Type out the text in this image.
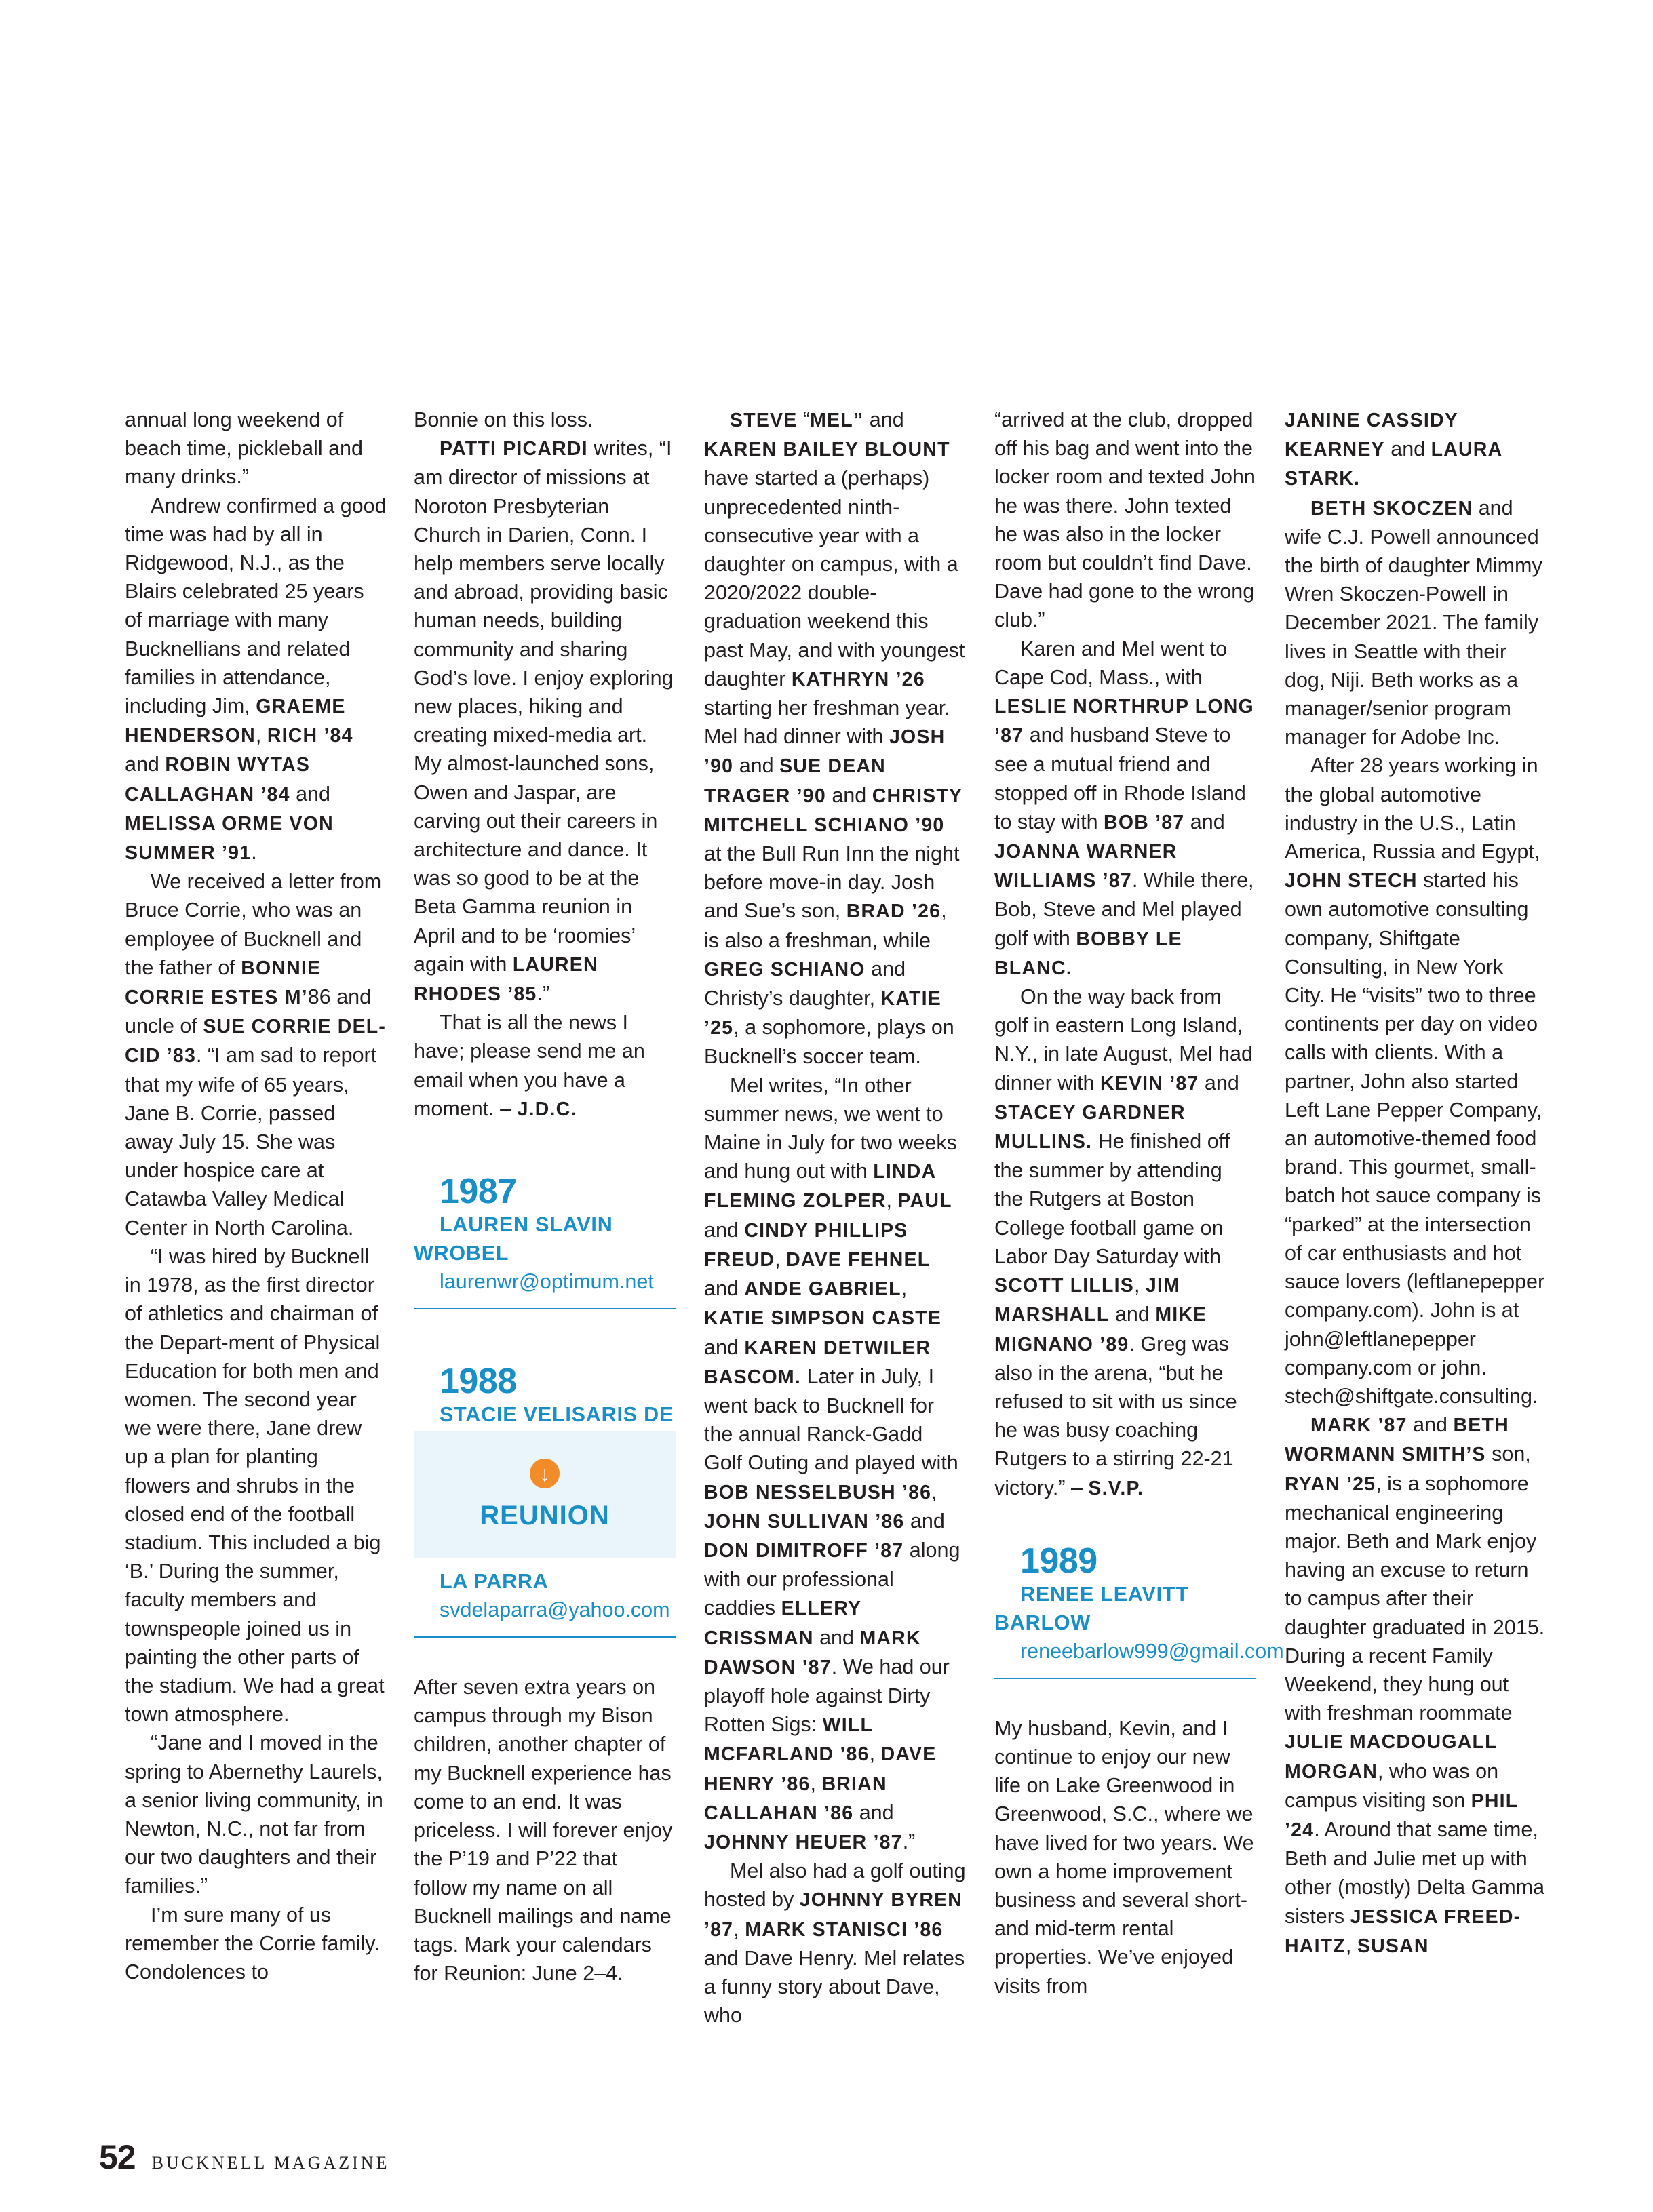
annual long weekend of beach time, pickleball and many drinks.”

Andrew confirmed a good time was had by all in Ridgewood, N.J., as the Blairs celebrated 25 years of marriage with many Bucknellians and related families in attendance, including Jim, GRAEME HENDERSON, RICH ’84 and ROBIN WYTAS CALLAGHAN ’84 and MELISSA ORME VON SUMMER ’91.

We received a letter from Bruce Corrie, who was an employee of Bucknell and the father of BONNIE CORRIE ESTES M’86 and uncle of SUE CORRIE DEL-CID ’83. “I am sad to report that my wife of 65 years, Jane B. Corrie, passed away July 15. She was under hospice care at Catawba Valley Medical Center in North Carolina.

“I was hired by Bucknell in 1978, as the first director of athletics and chairman of the Depart-ment of Physical Education for both men and women. The second year we were there, Jane drew up a plan for planting flowers and shrubs in the closed end of the football stadium. This included a big ‘B.’ During the summer, faculty members and townspeople joined us in painting the other parts of the stadium. We had a great town atmosphere.

“Jane and I moved in the spring to Abernethy Laurels, a senior living community, in Newton, N.C., not far from our two daughters and their families.”

I’m sure many of us remember the Corrie family. Condolences to

Bonnie on this loss.

PATTI PICARDI writes, “I am director of missions at Noroton Presbyterian Church in Darien, Conn. I help members serve locally and abroad, providing basic human needs, building community and sharing God’s love. I enjoy exploring new places, hiking and creating mixed-media art. My almost-launched sons, Owen and Jaspar, are carving out their careers in architecture and dance. It was so good to be at the Beta Gamma reunion in April and to be ‘roomies’ again with LAUREN RHODES ’85.”

That is all the news I have; please send me an email when you have a moment. – J.D.C.

1987

LAUREN SLAVIN WROBEL

laurenwr@optimum.net

1988

STACIE VELISARIS DE

↓
REUNION

LA PARRA

svdelaparra@yahoo.com

After seven extra years on campus through my Bison children, another chapter of my Bucknell experience has come to an end. It was priceless. I will forever enjoy the P’19 and P’22 that follow my name on all Bucknell mailings and name tags. Mark your calendars for Reunion: June 2–4.

STEVE “MEL” and KAREN BAILEY BLOUNT have started a (perhaps) unprecedented ninth-consecutive year with a daughter on campus, with a 2020/2022 double-graduation weekend this past May, and with youngest daughter KATHRYN ’26 starting her freshman year. Mel had dinner with JOSH ’90 and SUE DEAN TRAGER ’90 and CHRISTY MITCHELL SCHIANO ’90 at the Bull Run Inn the night before move-in day. Josh and Sue’s son, BRAD ’26, is also a freshman, while GREG SCHIANO and Christy’s daughter, KATIE ’25, a sophomore, plays on Bucknell’s soccer team.

Mel writes, “In other summer news, we went to Maine in July for two weeks and hung out with LINDA FLEMING ZOLPER, PAUL and CINDY PHILLIPS FREUD, DAVE FEHNEL and ANDE GABRIEL, KATIE SIMPSON CASTE and KAREN DETWILER BASCOM. Later in July, I went back to Bucknell for the annual Ranck-Gadd Golf Outing and played with BOB NESSELBUSH ’86, JOHN SULLIVAN ’86 and DON DIMITROFF ’87 along with our professional caddies ELLERY CRISSMAN and MARK DAWSON ’87. We had our playoff hole against Dirty Rotten Sigs: WILL MCFARLAND ’86, DAVE HENRY ’86, BRIAN CALLAHAN ’86 and JOHNNY HEUER ’87.”

Mel also had a golf outing hosted by JOHNNY BYREN ’87, MARK STANISCI ’86 and Dave Henry. Mel relates a funny story about Dave, who

“arrived at the club, dropped off his bag and went into the locker room and texted John he was there. John texted he was also in the locker room but couldn’t find Dave. Dave had gone to the wrong club.”

Karen and Mel went to Cape Cod, Mass., with LESLIE NORTHRUP LONG ’87 and husband Steve to see a mutual friend and stopped off in Rhode Island to stay with BOB ’87 and JOANNA WARNER WILLIAMS ’87. While there, Bob, Steve and Mel played golf with BOBBY LE BLANC.

On the way back from golf in eastern Long Island, N.Y., in late August, Mel had dinner with KEVIN ’87 and STACEY GARDNER MULLINS. He finished off the summer by attending the Rutgers at Boston College football game on Labor Day Saturday with SCOTT LILLIS, JIM MARSHALL and MIKE MIGNANO ’89. Greg was also in the arena, “but he refused to sit with us since he was busy coaching Rutgers to a stirring 22-21 victory.” – S.V.P.

1989

RENEE LEAVITT BARLOW

reneebarlow999@gmail.com

My husband, Kevin, and I continue to enjoy our new life on Lake Greenwood in Greenwood, S.C., where we have lived for two years. We own a home improvement business and several short- and mid-term rental properties. We’ve enjoyed visits from

JANINE CASSIDY KEARNEY and LAURA STARK.

BETH SKOCZEN and wife C.J. Powell announced the birth of daughter Mimmy Wren Skoczen-Powell in December 2021. The family lives in Seattle with their dog, Niji. Beth works as a manager/senior program manager for Adobe Inc.

After 28 years working in the global automotive industry in the U.S., Latin America, Russia and Egypt, JOHN STECH started his own automotive consulting company, Shiftgate Consulting, in New York City. He “visits” two to three continents per day on video calls with clients. With a partner, John also started Left Lane Pepper Company, an automotive-themed food brand. This gourmet, small-batch hot sauce company is “parked” at the intersection of car enthusiasts and hot sauce lovers (leftlanepepper company.com). John is at john@leftlanepepper company.com or john. stech@shiftgate.consulting.

MARK ’87 and BETH WORMANN SMITH’S son, RYAN ’25, is a sophomore mechanical engineering major. Beth and Mark enjoy having an excuse to return to campus after their daughter graduated in 2015. During a recent Family Weekend, they hung out with freshman roommate JULIE MACDOUGALL MORGAN, who was on campus visiting son PHIL ’24. Around that same time, Beth and Julie met up with other (mostly) Delta Gamma sisters JESSICA FREED-HAITZ, SUSAN

52 BUCKNELL MAGAZINE
